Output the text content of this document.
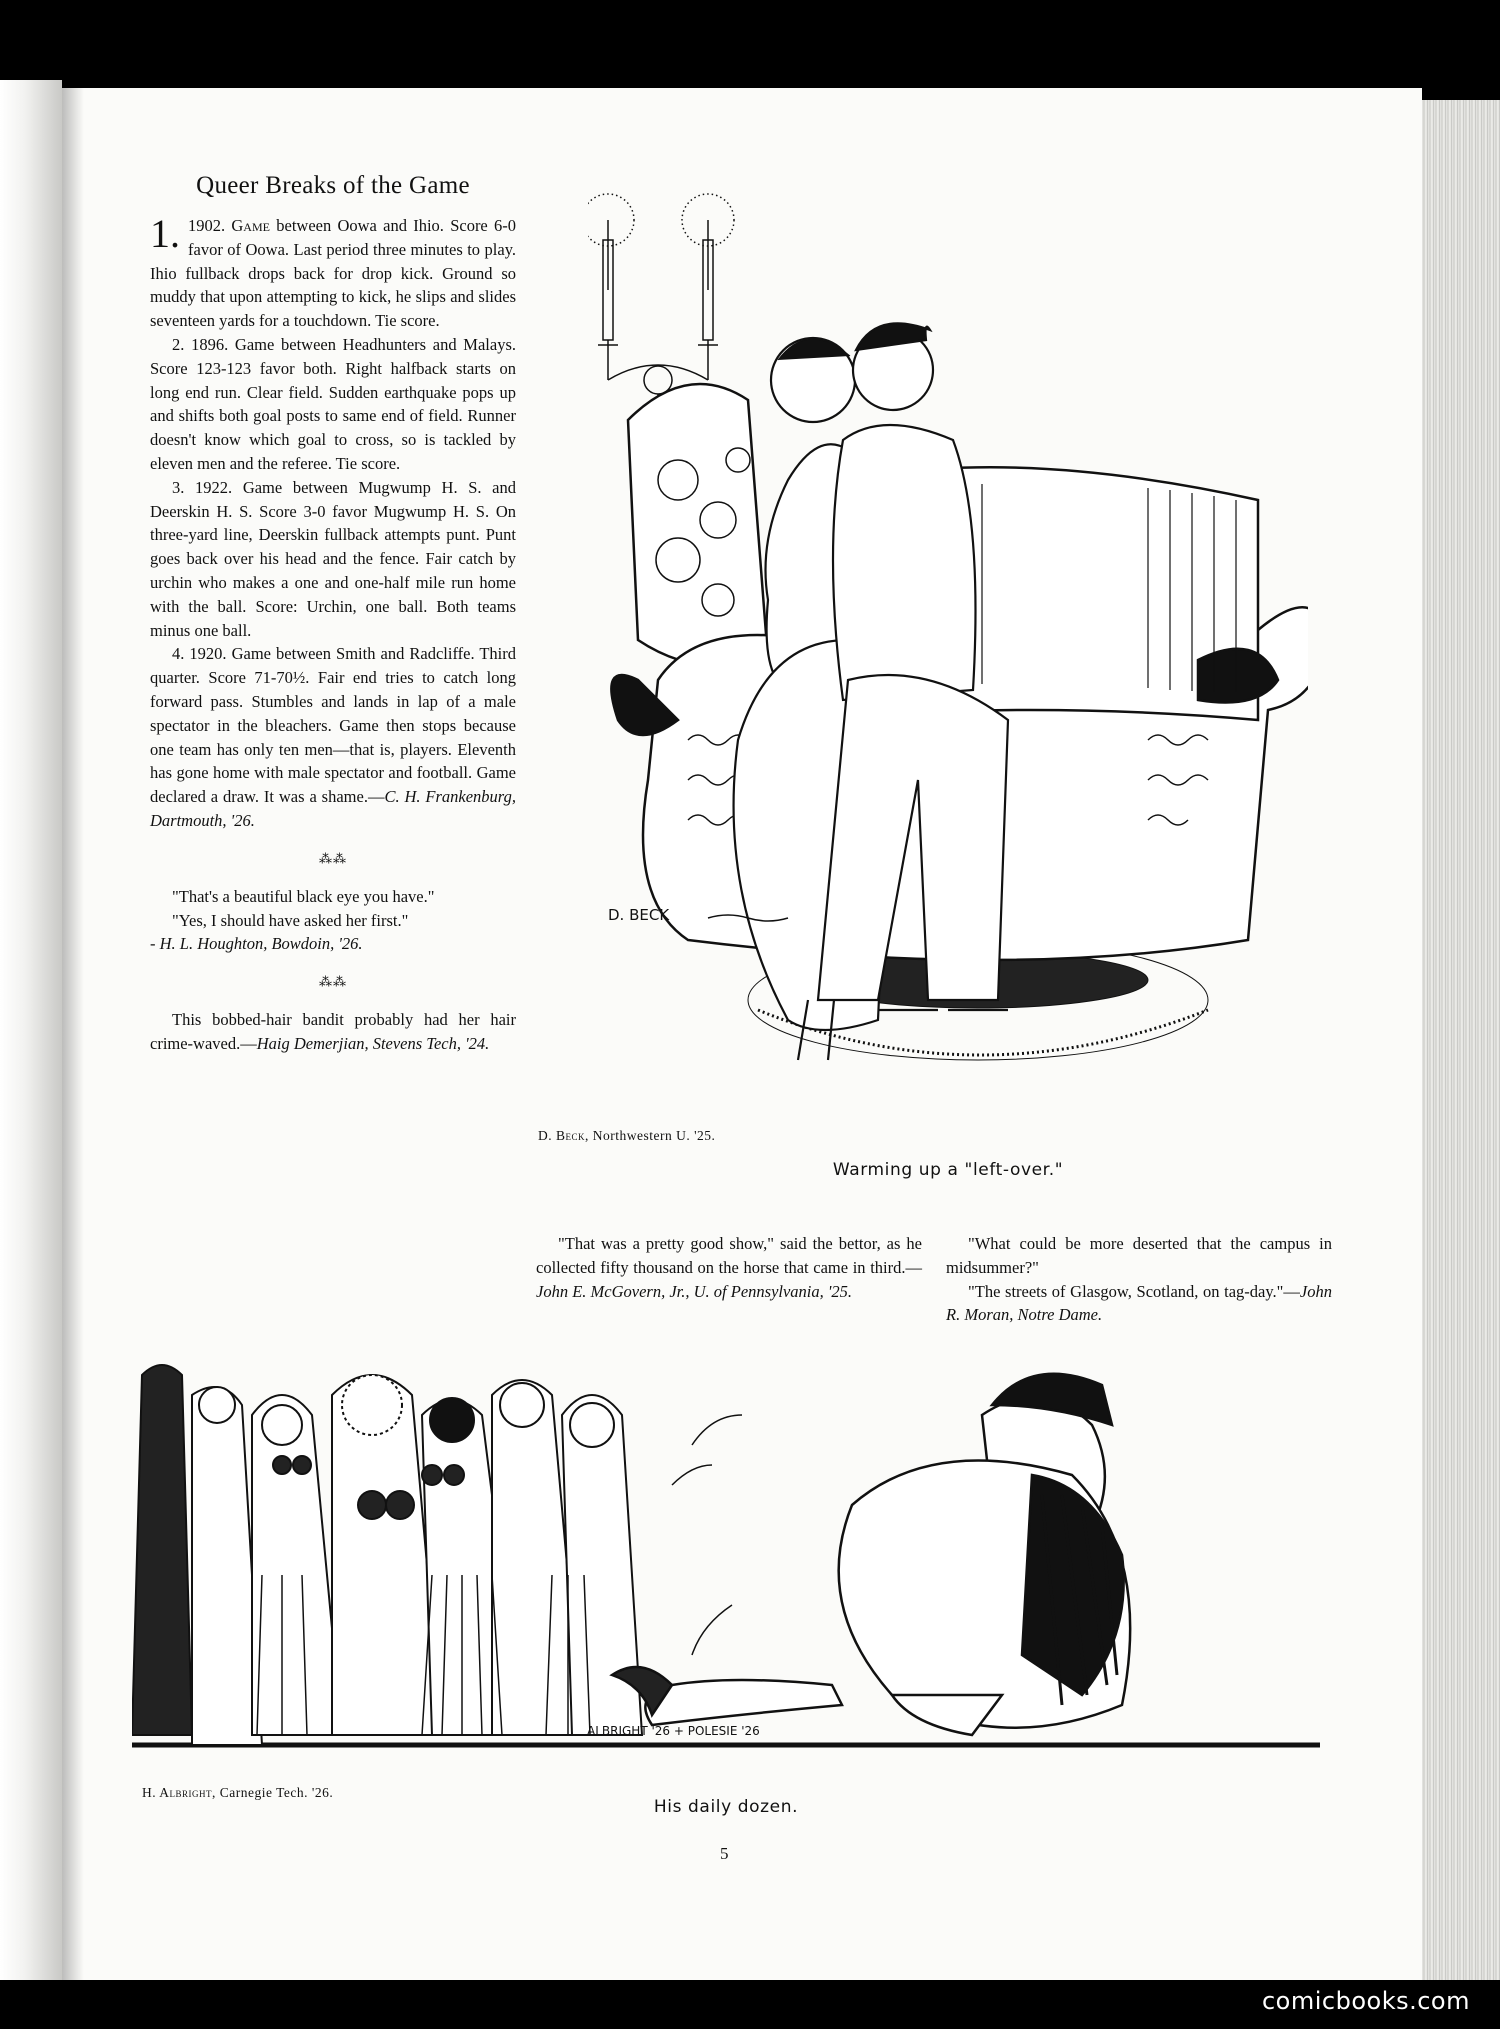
Queer Breaks of the Game

1. 1902. Game between Oowa and Ihio. Score 6-0 favor of Oowa. Last period three minutes to play. Ihio fullback drops back for drop kick. Ground so muddy that upon attempting to kick, he slips and slides seventeen yards for a touchdown. Tie score.

2. 1896. Game between Headhunters and Malays. Score 123-123 favor both. Right halfback starts on long end run. Clear field. Sudden earthquake pops up and shifts both goal posts to same end of field. Runner doesn't know which goal to cross, so is tackled by eleven men and the referee. Tie score.

3. 1922. Game between Mugwump H. S. and Deerskin H. S. Score 3-0 favor Mugwump H. S. On three-yard line, Deerskin fullback attempts punt. Punt goes back over his head and the fence. Fair catch by urchin who makes a one and one-half mile run home with the ball. Score: Urchin, one ball. Both teams minus one ball.

4. 1920. Game between Smith and Radcliffe. Third quarter. Score 71-70½. Fair end tries to catch long forward pass. Stumbles and lands in lap of a male spectator in the bleachers. Game then stops because one team has only ten men—that is, players. Eleventh has gone home with male spectator and football. Game declared a draw. It was a shame.—C. H. Frankenburg, Dartmouth, '26.

⁂⁂

"That's a beautiful black eye you have."

"Yes, I should have asked her first."

- H. L. Houghton, Bowdoin, '26.

⁂⁂

This bobbed-hair bandit probably had her hair crime-waved.—Haig Demerjian, Stevens Tech, '24.

D. BECK
D. Beck, Northwestern U. '25.
Warming up a "left-over."

"That was a pretty good show," said the bettor, as he collected fifty thousand on the horse that came in third.—John E. McGovern, Jr., U. of Pennsylvania, '25.

"What could be more deserted that the campus in midsummer?"

"The streets of Glasgow, Scotland, on tag-day."—John R. Moran, Notre Dame.

ALBRIGHT '26 + POLESIE '26
H. Albright, Carnegie Tech. '26.
His daily dozen.
5
comicbooks.com
